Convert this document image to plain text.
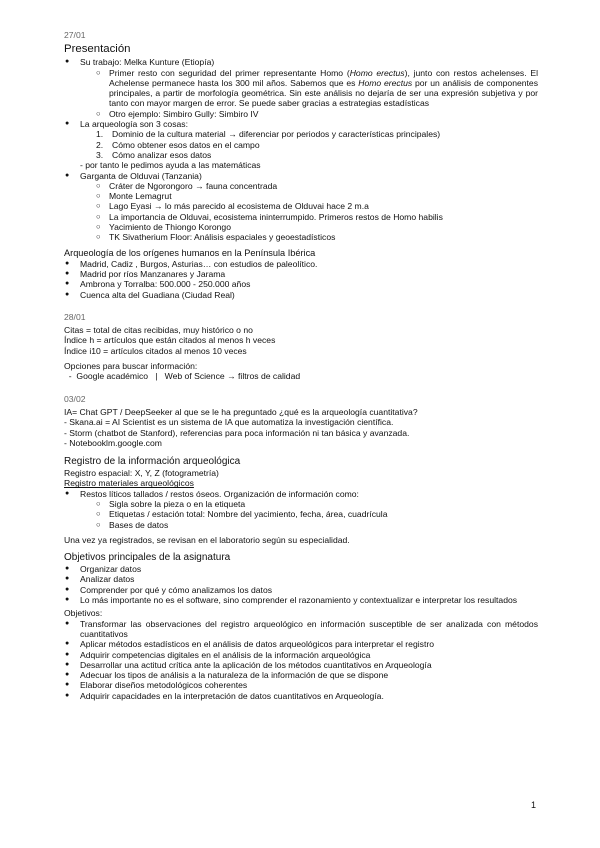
27/01
Presentación
● Su trabajo: Melka Kunture (Etiopía)
○ Primer resto con seguridad del primer representante Homo (Homo erectus), junto con restos achelenses. El Achelense permanece hasta los 300 mil años. Sabemos que es Homo erectus por un análisis de componentes principales, a partir de morfología geométrica. Sin este análisis no dejaría de ser una expresión subjetiva y por tanto con mayor margen de error. Se puede saber gracias a estrategias estadísticas
○ Otro ejemplo: Simbiro Gully: Simbiro IV
● La arqueología son 3 cosas:
1. Dominio de la cultura material → diferenciar por periodos y características principales)
2. Cómo obtener esos datos en el campo
3. Cómo analizar esos datos
- por tanto le pedimos ayuda a las matemáticas
● Garganta de Olduvai (Tanzania)
○ Cráter de Ngorongoro → fauna concentrada
○ Monte Lemagrut
○ Lago Eyasi → lo más parecido al ecosistema de Olduvai hace 2 m.a
○ La importancia de Olduvai, ecosistema ininterrumpido. Primeros restos de Homo habilis
○ Yacimiento de Thiongo Korongo
○ TK Sivatherium Floor: Análisis espaciales y geoestadísticos
Arqueología de los orígenes humanos en la Península Ibérica
● Madrid, Cadiz , Burgos, Asturias… con estudios de paleolítico.
● Madrid por ríos Manzanares y Jarama
● Ambrona y Torralba: 500.000 - 250.000 años
● Cuenca alta del Guadiana (Ciudad Real)
28/01
Citas = total de citas recibidas, muy histórico o no
Índice h = artículos que están citados al menos h veces
Índice i10 = artículos citados al menos 10 veces
Opciones para buscar información:
-  Google académico   |   Web of Science → filtros de calidad
03/02
IA= Chat GPT / DeepSeeker al que se le ha preguntado ¿qué es la arqueología cuantitativa?
- Skana.ai = AI Scientist es un sistema de IA que automatiza la investigación científica.
- Storm (chatbot de Stanford), referencias para poca información ni tan básica y avanzada.
- Notebooklm.google.com
Registro de la información arqueológica
Registro espacial: X, Y, Z (fotogrametría)
Registro materiales arqueológicos
● Restos líticos tallados / restos óseos. Organización de información como:
○ Sigla sobre la pieza o en la etiqueta
○ Etiquetas / estación total: Nombre del yacimiento, fecha, área, cuadrícula
○ Bases de datos
Una vez ya registrados, se revisan en el laboratorio según su especialidad.
Objetivos principales de la asignatura
● Organizar datos
● Analizar datos
● Comprender por qué y cómo analizamos los datos
● Lo más importante no es el software, sino comprender el razonamiento y contextualizar e interpretar los resultados
Objetivos:
● Transformar las observaciones del registro arqueológico en información susceptible de ser analizada con métodos cuantitativos
● Aplicar métodos estadísticos en el análisis de datos arqueológicos para interpretar el registro
● Adquirir competencias digitales en el análisis de la información arqueológica
● Desarrollar una actitud crítica ante la aplicación de los métodos cuantitativos en Arqueología
● Adecuar los tipos de análisis a la naturaleza de la información de que se dispone
● Elaborar diseños metodológicos coherentes
● Adquirir capacidades en la interpretación de datos cuantitativos en Arqueología.
1
